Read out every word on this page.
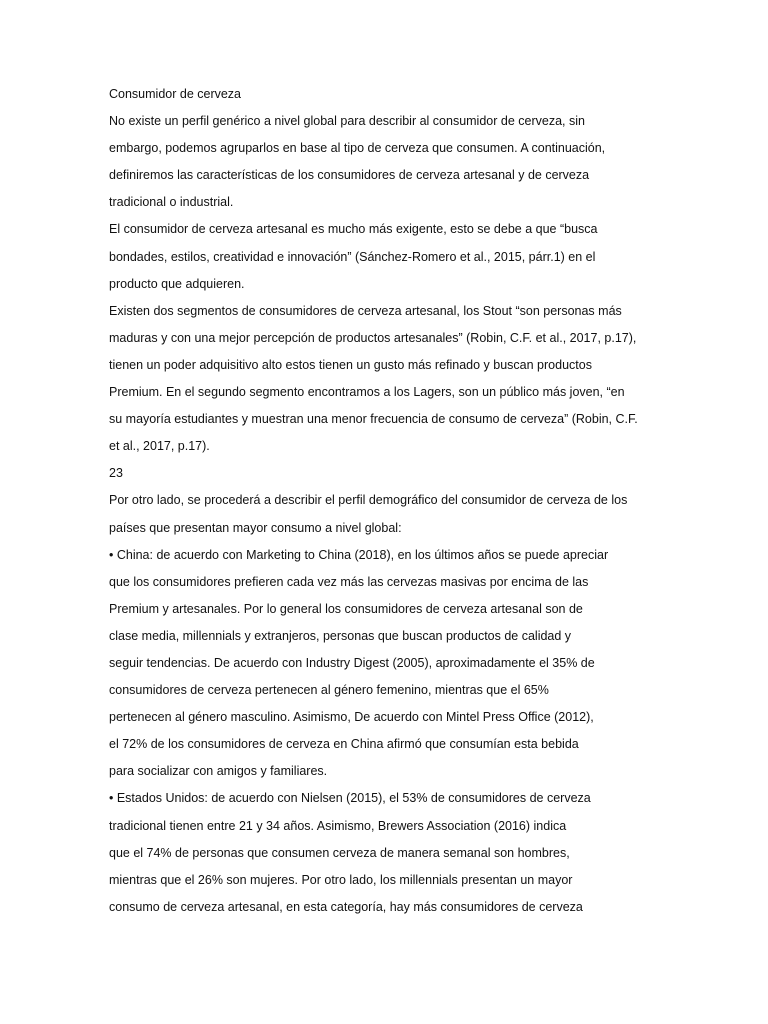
Consumidor de cerveza
No existe un perfil genérico a nivel global para describir al consumidor de cerveza, sin
embargo, podemos agruparlos en base al tipo de cerveza que consumen. A continuación,
definiremos las características de los consumidores de cerveza artesanal y de cerveza
tradicional o industrial.
El consumidor de cerveza artesanal es mucho más exigente, esto se debe a que “busca
bondades, estilos, creatividad e innovación” (Sánchez-Romero et al., 2015, párr.1) en el
producto que adquieren.
Existen dos segmentos de consumidores de cerveza artesanal, los Stout “son personas más
maduras y con una mejor percepción de productos artesanales” (Robin, C.F. et al., 2017, p.17),
tienen un poder adquisitivo alto estos tienen un gusto más refinado y buscan productos
Premium. En el segundo segmento encontramos a los Lagers, son un público más joven, “en
su mayoría estudiantes y muestran una menor frecuencia de consumo de cerveza” (Robin, C.F.
et al., 2017, p.17).
23
Por otro lado, se procederá a describir el perfil demográfico del consumidor de cerveza de los
países que presentan mayor consumo a nivel global:
• China: de acuerdo con Marketing to China (2018), en los últimos años se puede apreciar
que los consumidores prefieren cada vez más las cervezas masivas por encima de las
Premium y artesanales. Por lo general los consumidores de cerveza artesanal son de
clase media, millennials y extranjeros, personas que buscan productos de calidad y
seguir tendencias. De acuerdo con Industry Digest (2005), aproximadamente el 35% de
consumidores de cerveza pertenecen al género femenino, mientras que el 65%
pertenecen al género masculino. Asimismo, De acuerdo con Mintel Press Office (2012),
el 72% de los consumidores de cerveza en China afirmó que consumían esta bebida
para socializar con amigos y familiares.
• Estados Unidos: de acuerdo con Nielsen (2015), el 53% de consumidores de cerveza
tradicional tienen entre 21 y 34 años. Asimismo, Brewers Association (2016) indica
que el 74% de personas que consumen cerveza de manera semanal son hombres,
mientras que el 26% son mujeres. Por otro lado, los millennials presentan un mayor
consumo de cerveza artesanal, en esta categoría, hay más consumidores de cerveza
